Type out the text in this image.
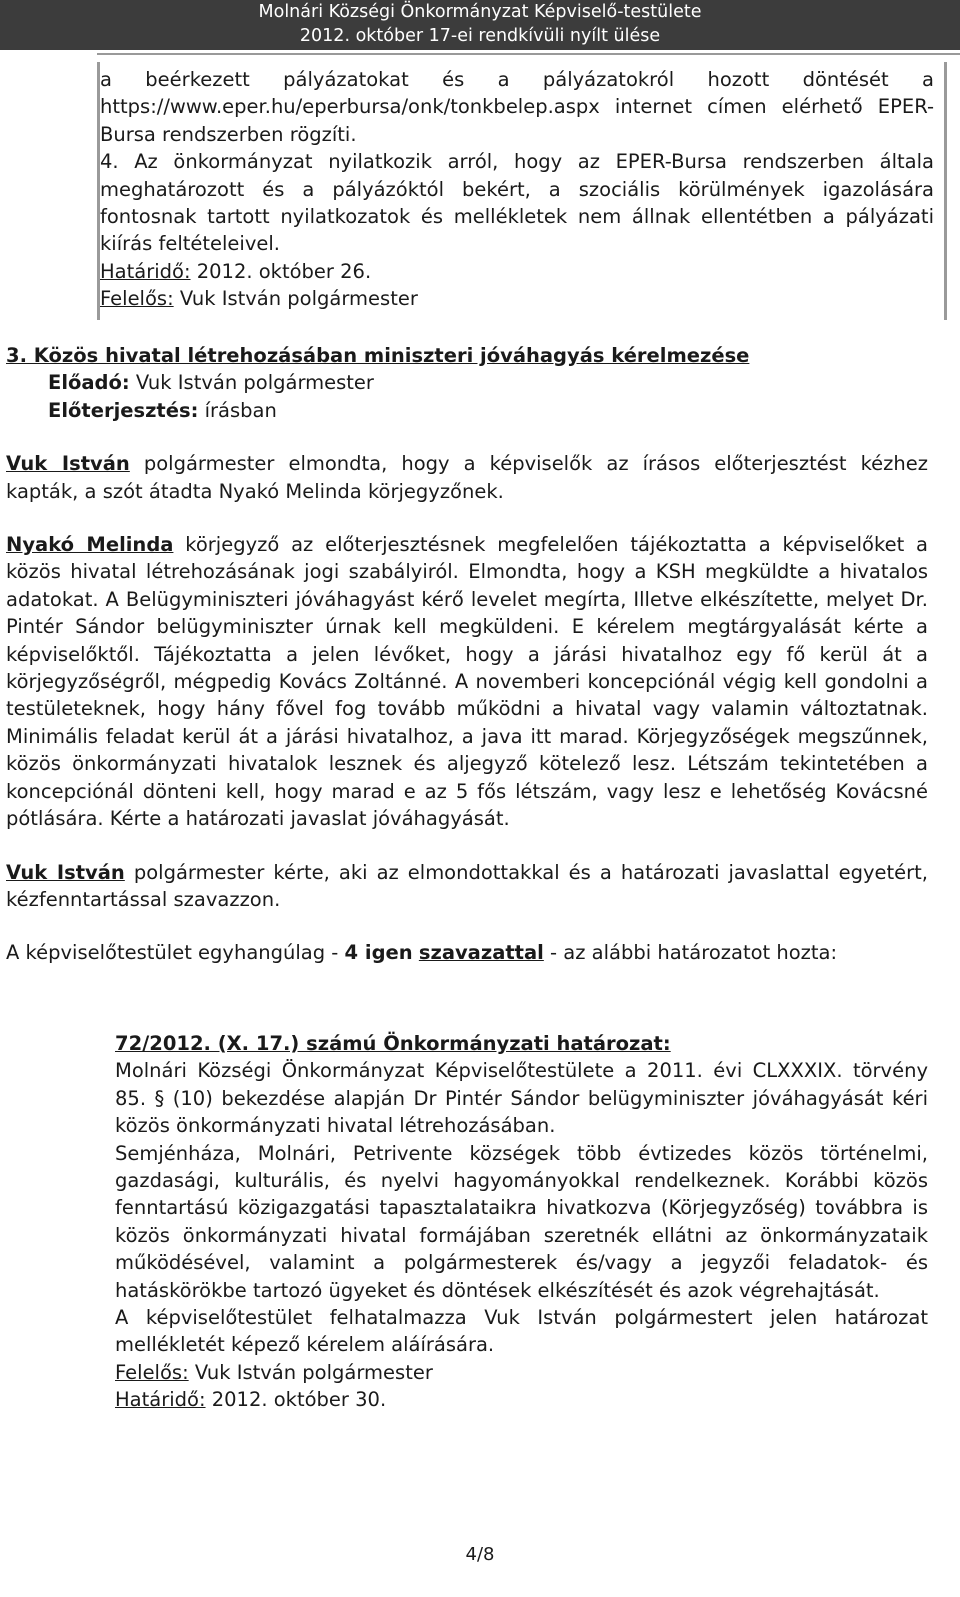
Molnári Községi Önkormányzat Képviselő-testülete
2012. október 17-ei rendkívüli nyílt ülése

a beérkezett pályázatokat és a pályázatokról hozott döntését a https://www.eper.hu/eperbursa/onk/tonkbelep.aspx internet címen elérhető EPER-Bursa rendszerben rögzíti.

4. Az önkormányzat nyilatkozik arról, hogy az EPER-Bursa rendszerben általa meghatározott és a pályázóktól bekért, a szociális körülmények igazolására fontosnak tartott nyilatkozatok és mellékletek nem állnak ellentétben a pályázati kiírás feltételeivel.

Határidő: 2012. október 26.

Felelős: Vuk István polgármester

3. Közös hivatal létrehozásában miniszteri jóváhagyás kérelmezése

Előadó: Vuk István polgármester

Előterjesztés: írásban

Vuk István polgármester elmondta, hogy a képviselők az írásos előterjesztést kézhez kapták, a szót átadta Nyakó Melinda körjegyzőnek.

Nyakó Melinda körjegyző az előterjesztésnek megfelelően tájékoztatta a képviselőket a közös hivatal létrehozásának jogi szabályiról. Elmondta, hogy a KSH megküldte a hivatalos adatokat. A Belügyminiszteri jóváhagyást kérő levelet megírta, Illetve elkészítette, melyet Dr. Pintér Sándor belügyminiszter úrnak kell megküldeni. E kérelem megtárgyalását kérte a képviselőktől. Tájékoztatta a jelen lévőket, hogy a járási hivatalhoz egy fő kerül át a körjegyzőségről, mégpedig Kovács Zoltánné. A novemberi koncepciónál végig kell gondolni a testületeknek, hogy hány fővel fog tovább működni a hivatal vagy valamin változtatnak. Minimális feladat kerül át a járási hivatalhoz, a java itt marad. Körjegyzőségek megszűnnek, közös önkormányzati hivatalok lesznek és aljegyző kötelező lesz. Létszám tekintetében a koncepciónál dönteni kell, hogy marad e az 5 fős létszám, vagy lesz e lehetőség Kovácsné pótlására. Kérte a határozati javaslat jóváhagyását.

Vuk István polgármester kérte, aki az elmondottakkal és a határozati javaslattal egyetért, kézfenntartással szavazzon.

A képviselőtestület egyhangúlag - 4 igen szavazattal - az alábbi határozatot hozta:

72/2012. (X. 17.) számú Önkormányzati határozat:

Molnári Községi Önkormányzat Képviselőtestülete a 2011. évi CLXXXIX. törvény 85. § (10) bekezdése alapján Dr Pintér Sándor belügyminiszter jóváhagyását kéri közös önkormányzati hivatal létrehozásában.

Semjénháza, Molnári, Petrivente községek több évtizedes közös történelmi, gazdasági, kulturális, és nyelvi hagyományokkal rendelkeznek. Korábbi közös fenntartású közigazgatási tapasztalataikra hivatkozva (Körjegyzőség) továbbra is közös önkormányzati hivatal formájában szeretnék ellátni az önkormányzataik működésével, valamint a polgármesterek és/vagy a jegyzői feladatok- és hatáskörökbe tartozó ügyeket és döntések elkészítését és azok végrehajtását.

A képviselőtestület felhatalmazza Vuk István polgármestert jelen határozat mellékletét képező kérelem aláírására.

Felelős: Vuk István polgármester

Határidő: 2012. október 30.

4/8
